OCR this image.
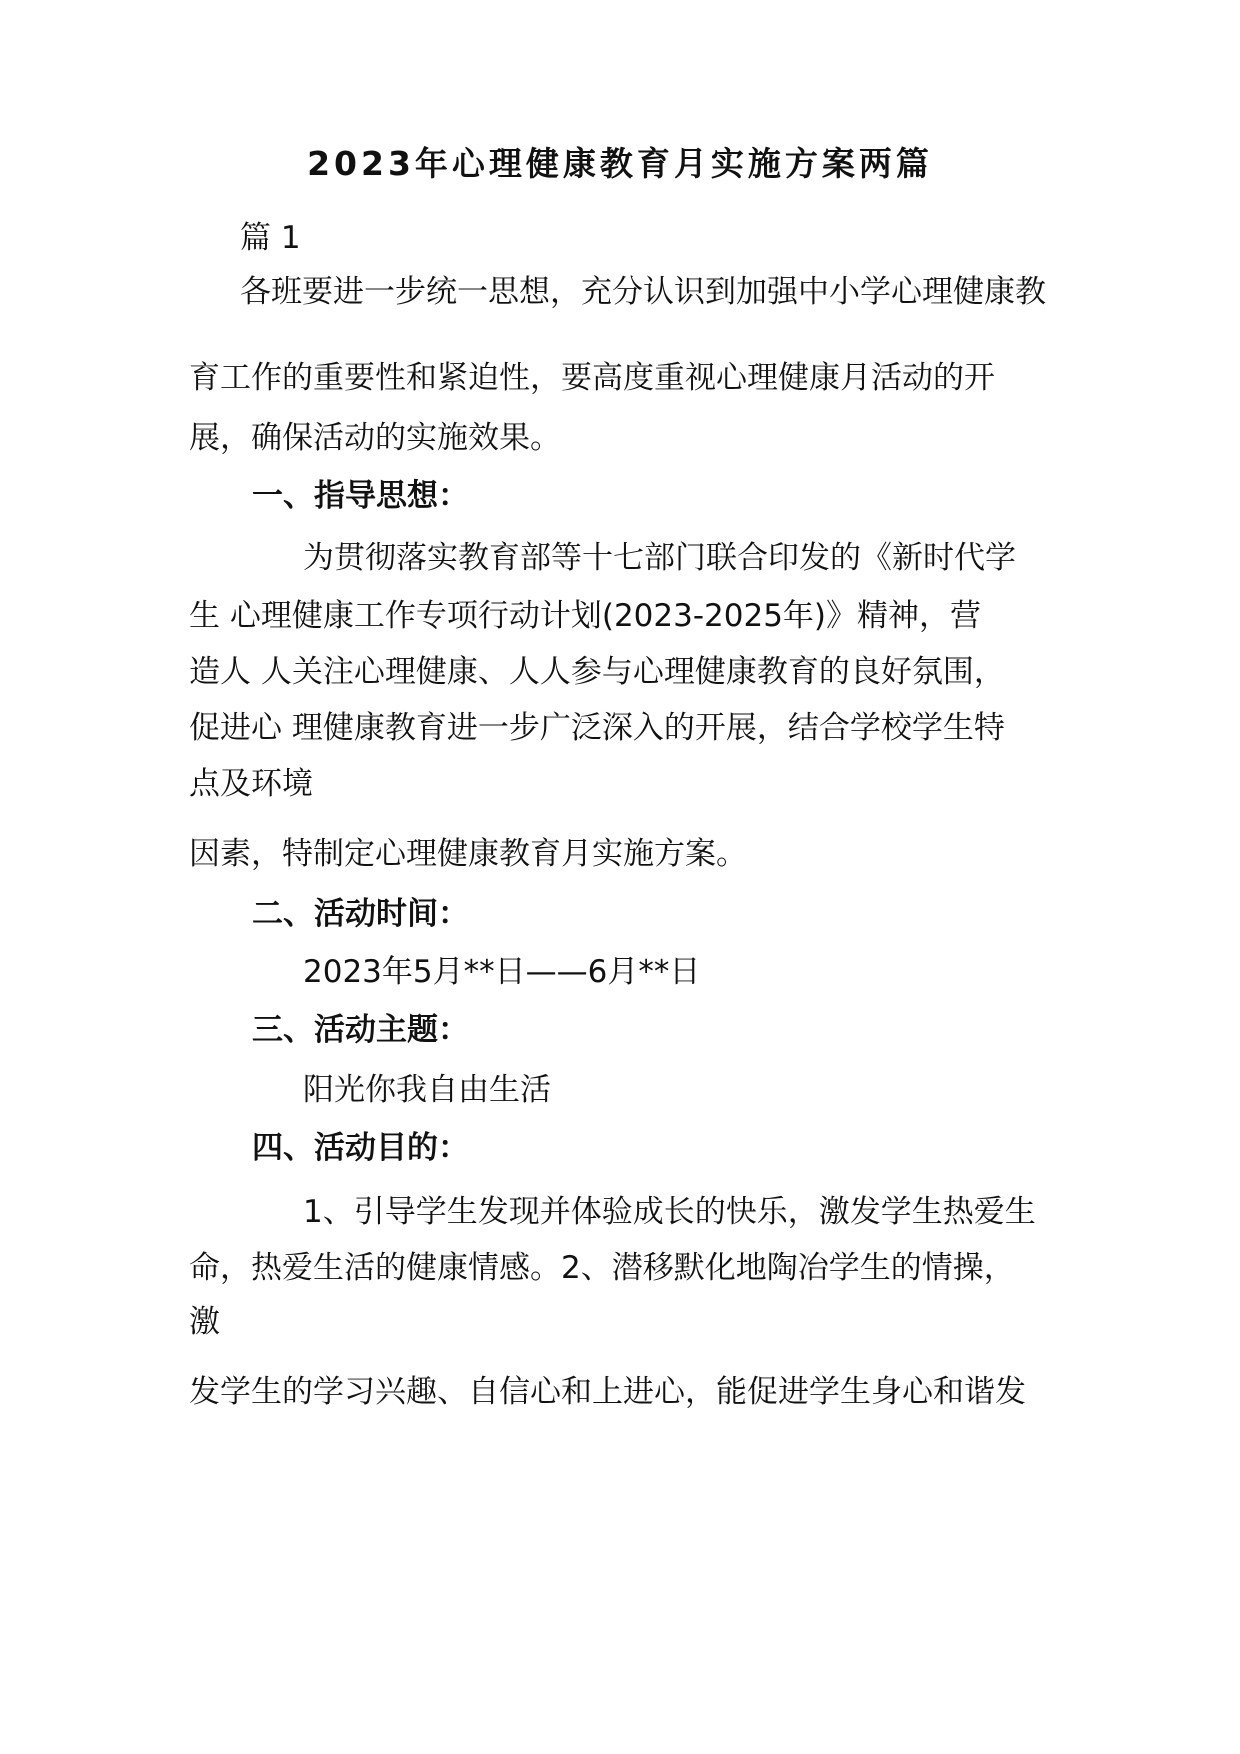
2023年心理健康教育月实施方案两篇
篇 1
各班要进一步统一思想，充分认识到加强中小学心理健康教
育工作的重要性和紧迫性，要高度重视心理健康月活动的开
展，确保活动的实施效果。
一、指导思想：
为贯彻落实教育部等十七部门联合印发的《新时代学
生 心理健康工作专项行动计划(2023-2025年)》精神，营
造人 人关注心理健康、人人参与心理健康教育的良好氛围，
促进心 理健康教育进一步广泛深入的开展，结合学校学生特
点及环境
因素，特制定心理健康教育月实施方案。
二、活动时间：
2023年5月**日——6月**日
三、活动主题：
阳光你我自由生活
四、活动目的：
1、引导学生发现并体验成长的快乐，激发学生热爱生
命，热爱生活的健康情感。2、潜移默化地陶冶学生的情操，
激
发学生的学习兴趣、自信心和上进心，能促进学生身心和谐发
